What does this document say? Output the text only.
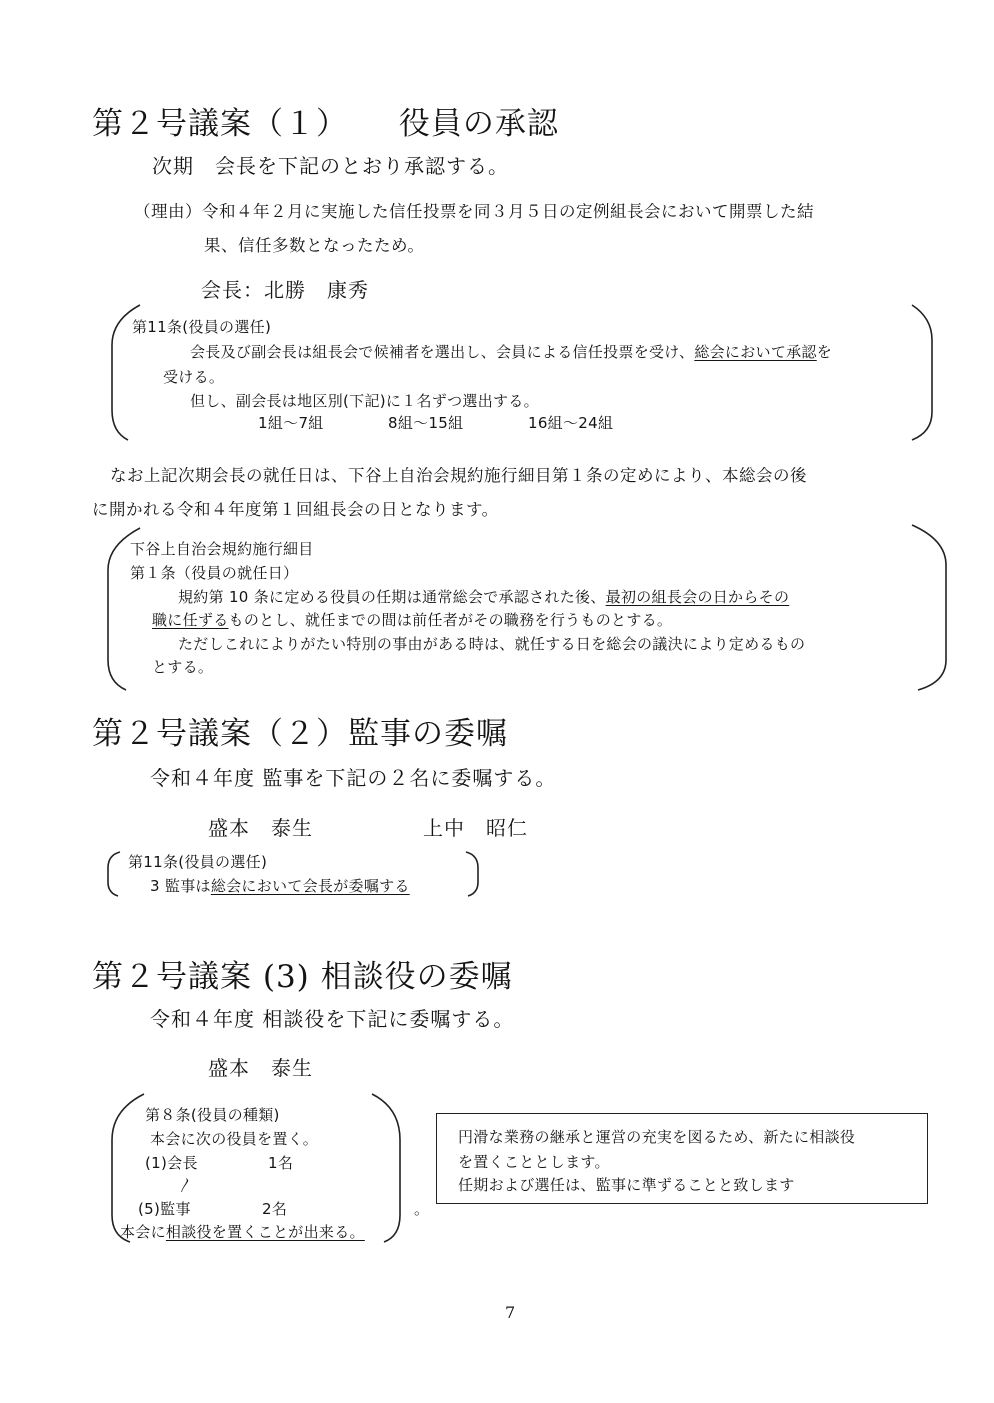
第２号議案（１） 役員の承認
次期　会長を下記のとおり承認する。
（理由）令和４年２月に実施した信任投票を同３月５日の定例組長会において開票した結
果、信任多数となったため。
会長：北勝　康秀
第11条(役員の選任)
会長及び副会長は組長会で候補者を選出し、会員による信任投票を受け、総会において承認を
受ける。
但し、副会長は地区別(下記)に１名ずつ選出する。
1組～7組	8組～15組	16組～24組
なお上記次期会長の就任日は、下谷上自治会規約施行細目第１条の定めにより、本総会の後
に開かれる令和４年度第１回組長会の日となります。
下谷上自治会規約施行細目
第１条（役員の就任日）
規約第 10 条に定める役員の任期は通常総会で承認された後、最初の組長会の日からその
職に任ずるものとし、就任までの間は前任者がその職務を行うものとする。
ただしこれによりがたい特別の事由がある時は、就任する日を総会の議決により定めるもの
とする。
第２号議案（２）監事の委嘱
令和４年度 監事を下記の２名に委嘱する。
盛本　泰生	上中　昭仁
第11条(役員の選任)
3 監事は総会において会長が委嘱する
第２号議案 (3) 相談役の委嘱
令和４年度 相談役を下記に委嘱する。
盛本　泰生
第８条(役員の種類)
本会に次の役員を置く。
(1)会長	1名
〳
(5)監事	2名
本会に相談役を置くことが出来る。
円滑な業務の継承と運営の充実を図るため、新たに相談役
を置くこととします。
任期および選任は、監事に準ずることと致します
。
7
